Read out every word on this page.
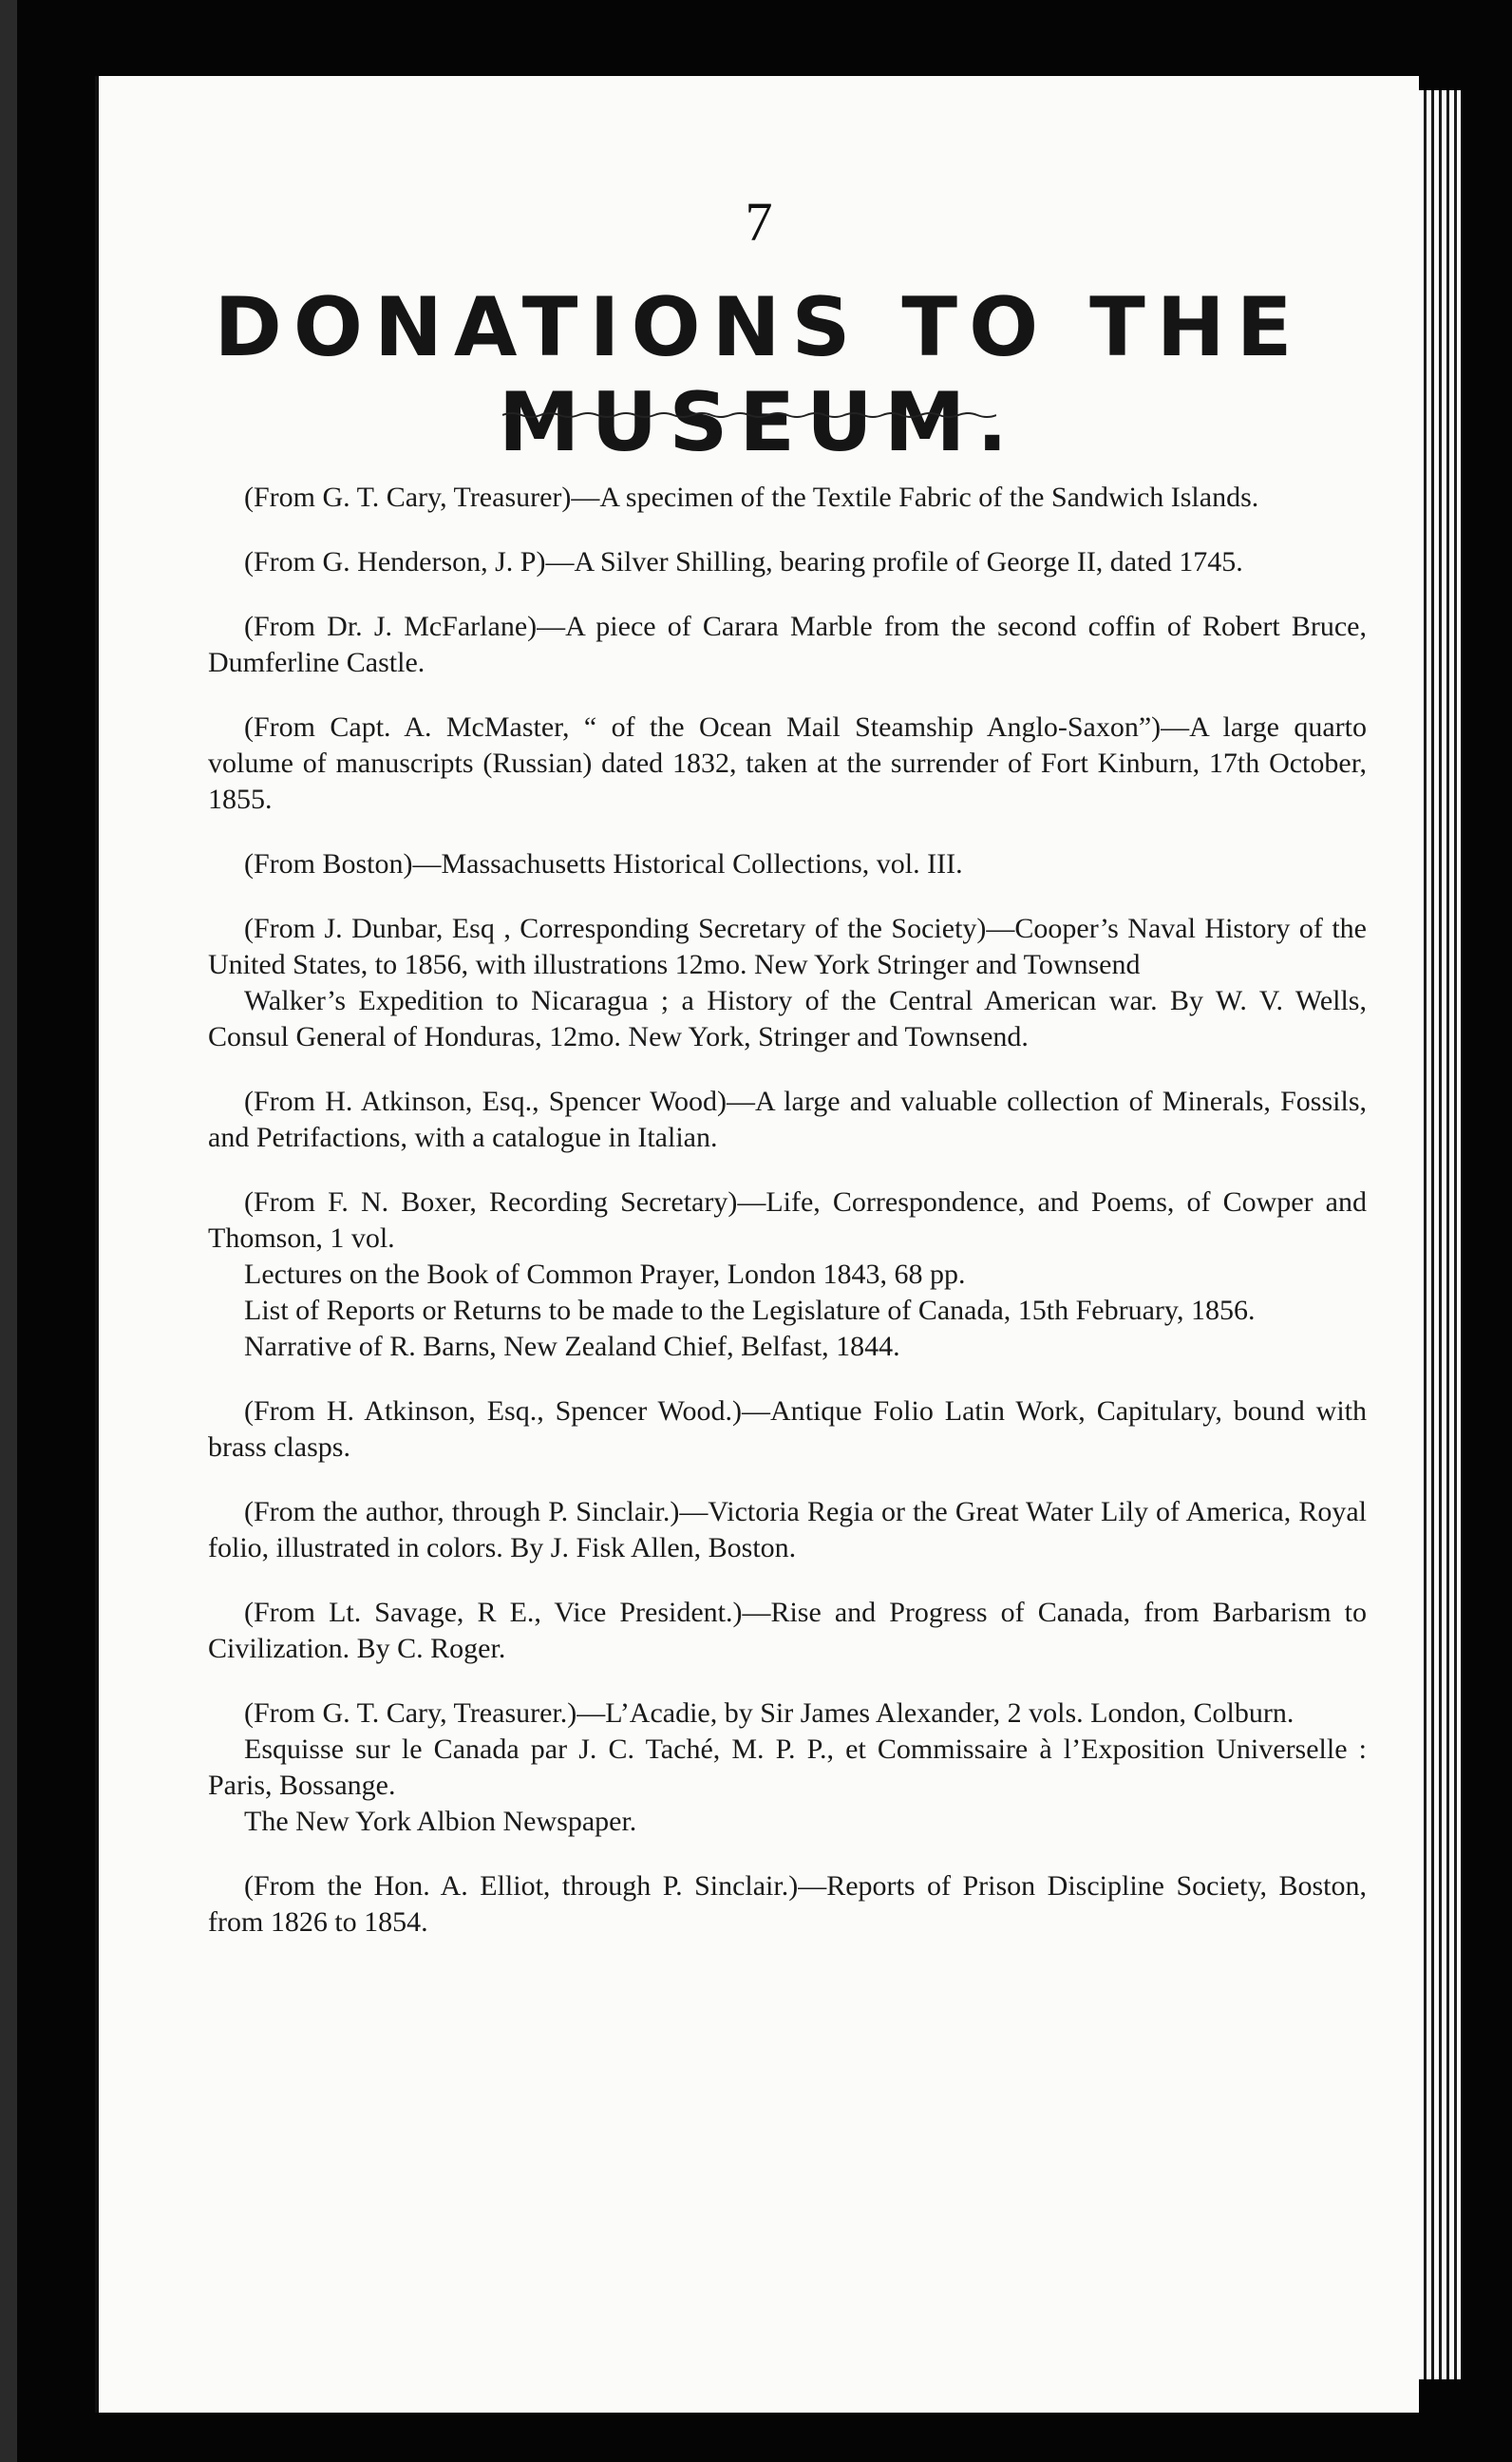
7
DONATIONS TO THE MUSEUM.

(From G. T. Cary, Treasurer)—A specimen of the Textile Fabric of the Sandwich Islands.

(From G. Henderson, J. P)—A Silver Shilling, bearing profile of George II, dated 1745.

(From Dr. J. McFarlane)—A piece of Carara Marble from the second coffin of Robert Bruce, Dumferline Castle.

(From Capt. A. McMaster, “ of the Ocean Mail Steamship Anglo-Saxon”)—A large quarto volume of manuscripts (Russian) dated 1832, taken at the surrender of Fort Kinburn, 17th October, 1855.

(From Boston)—Massachusetts Historical Collections, vol. III.

(From J. Dunbar, Esq , Corresponding Secretary of the Society)—Cooper’s Naval History of the United States, to 1856, with illustrations 12mo. New York Stringer and Townsend

Walker’s Expedition to Nicaragua ; a History of the Central American war. By W. V. Wells, Consul General of Honduras, 12mo. New York, Stringer and Townsend.

(From H. Atkinson, Esq., Spencer Wood)—A large and valuable collection of Minerals, Fossils, and Petrifactions, with a catalogue in Italian.

(From F. N. Boxer, Recording Secretary)—Life, Correspondence, and Poems, of Cowper and Thomson, 1 vol.

Lectures on the Book of Common Prayer, London 1843, 68 pp.

List of Reports or Returns to be made to the Legislature of Canada, 15th February, 1856.

Narrative of R. Barns, New Zealand Chief, Belfast, 1844.

(From H. Atkinson, Esq., Spencer Wood.)—Antique Folio Latin Work, Capitulary, bound with brass clasps.

(From the author, through P. Sinclair.)—Victoria Regia or the Great Water Lily of America, Royal folio, illustrated in colors. By J. Fisk Allen, Boston.

(From Lt. Savage, R E., Vice President.)—Rise and Progress of Canada, from Barbarism to Civilization. By C. Roger.

(From G. T. Cary, Treasurer.)—L’Acadie, by Sir James Alexander, 2 vols. London, Colburn.

Esquisse sur le Canada par J. C. Taché, M. P. P., et Commissaire à l’Exposition Universelle : Paris, Bossange.

The New York Albion Newspaper.

(From the Hon. A. Elliot, through P. Sinclair.)—Reports of Prison Discipline Society, Boston, from 1826 to 1854.
